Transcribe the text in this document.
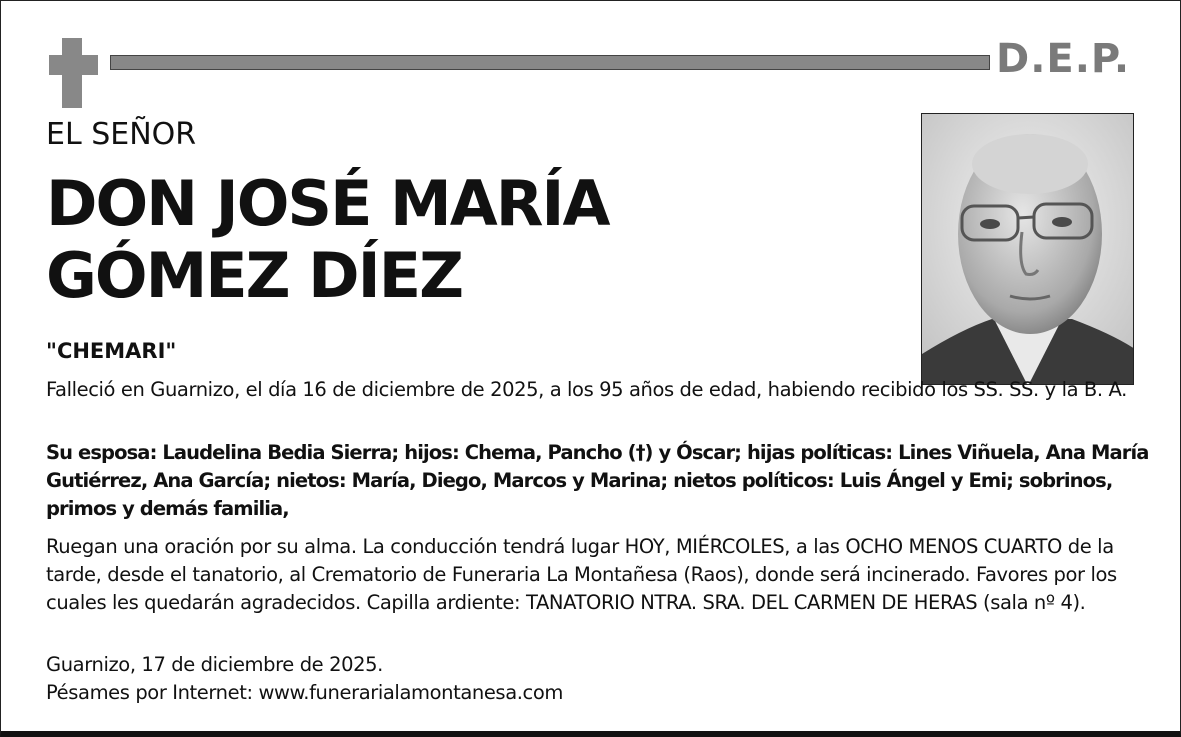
D.E.P.
EL SEÑOR
DON JOSÉ MARÍA GÓMEZ DÍEZ
"CHEMARI"
Falleció en Guarnizo, el día 16 de diciembre de 2025, a los 95 años de edad, habiendo recibido los SS. SS. y la B. A.
Su esposa: Laudelina Bedia Sierra; hijos: Chema, Pancho (†) y Óscar; hijas políticas: Lines Viñuela, Ana María Gutiérrez, Ana García; nietos: María, Diego, Marcos y Marina; nietos políticos: Luis Ángel y Emi; sobrinos, primos y demás familia,
Ruegan una oración por su alma. La conducción tendrá lugar HOY, MIÉRCOLES, a las OCHO MENOS CUARTO de la tarde, desde el tanatorio, al Crematorio de Funeraria La Montañesa (Raos), donde será incinerado. Favores por los cuales les quedarán agradecidos. Capilla ardiente: TANATORIO NTRA. SRA. DEL CARMEN DE HERAS (sala nº 4).
Guarnizo, 17 de diciembre de 2025.
Pésames por Internet: www.funerarialamontanesa.com
